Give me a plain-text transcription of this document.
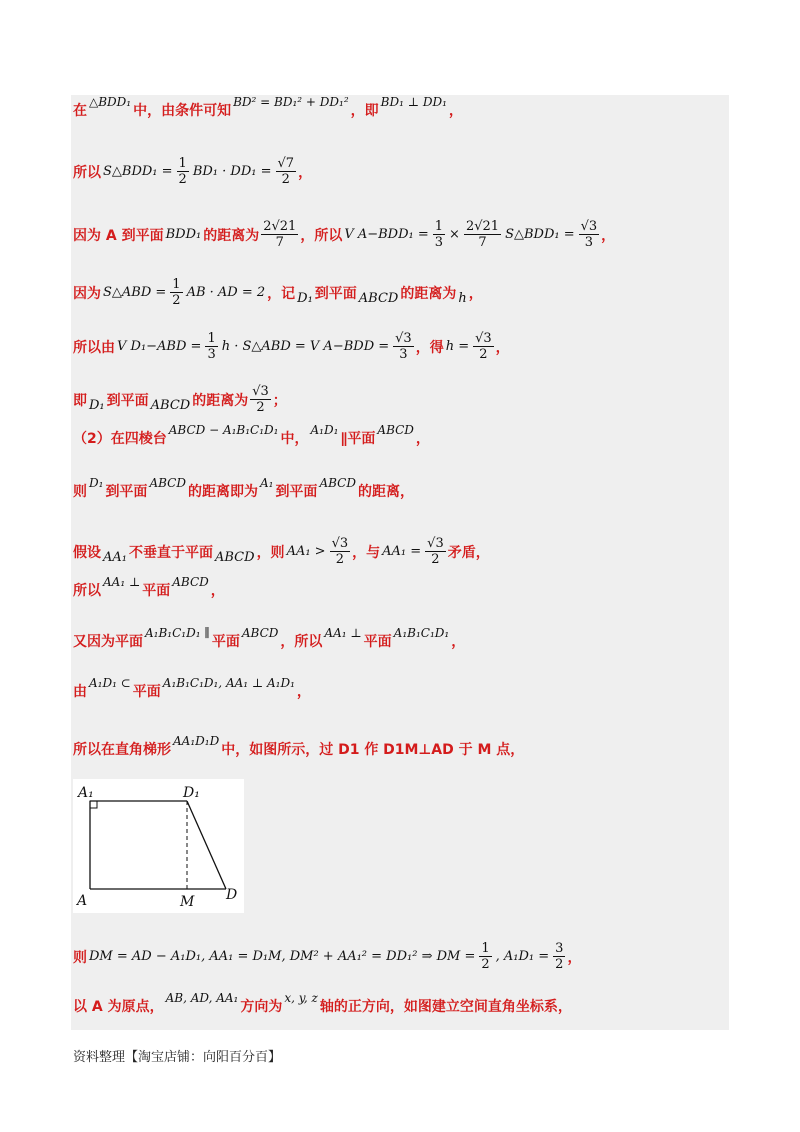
在
△BDD₁
中，由条件可知
BD² = BD₁² + DD₁²
，即
BD₁ ⊥ DD₁
，
所以 S△BDD₁ = $\frac{1}{2} BD_1 \cdot DD_1 = \frac{√7}{2}$ ，
因为 A 到平面 BDD₁ 的距离为 $\frac{2√21}{7}$ ，所以 V $A-BDD_1 = \frac{1}{3} \times \frac{2√21}{7}$ S△BDD₁ = $\frac{√3}{3}$ ，
因为 S△ABD = $\frac{1}{2}$ AB · AD = 2 ，记 D₁ 到平面 ABCD 的距离为 h ，
所以由 V $D_1-ABD = \frac{1}{3}$ h · S△ABD = V $A-BDD = \frac{√3}{3}$ ，得 $h = \frac{√3}{2}$ ，
即 D₁ 到平面 ABCD 的距离为 $\frac{√3}{2}$ ；
（2）在四棱台
ABCD − A₁B₁C₁D₁
中，
A₁D₁
∥平面
ABCD
，
则
D₁
到平面
ABCD
的距离即为
A₁
到平面
ABCD
的距离，
假设 AA₁ 不垂直于平面 ABCD ，则 $AA_1 > \frac{√3}{2}$ ，与 $AA_1 = \frac{√3}{2}$ 矛盾，
所以
AA₁ ⊥
平面
ABCD
，
又因为平面
A₁B₁C₁D₁ ∥
平面
ABCD
，所以
AA₁ ⊥
平面
A₁B₁C₁D₁
，
由
A₁D₁ ⊂
平面
A₁B₁C₁D₁, AA₁ ⊥ A₁D₁
，
所以在直角梯形
AA₁D₁D
中，如图所示，过 D1 作 D1M⊥AD 于 M 点，
则 DM = AD − A₁D₁, AA₁ = D₁M, DM² + AA₁² = DD₁² ⇒ DM = $\frac{1}{2}$ , $A_1D_1 = \frac{3}{2}$ ，
以 A 为原点，
AB, AD, AA₁
方向为
x, y, z
轴的正方向，如图建立空间直角坐标系，
A₁	D₁
A	M D
资料整理【淘宝店铺：向阳百分百】
